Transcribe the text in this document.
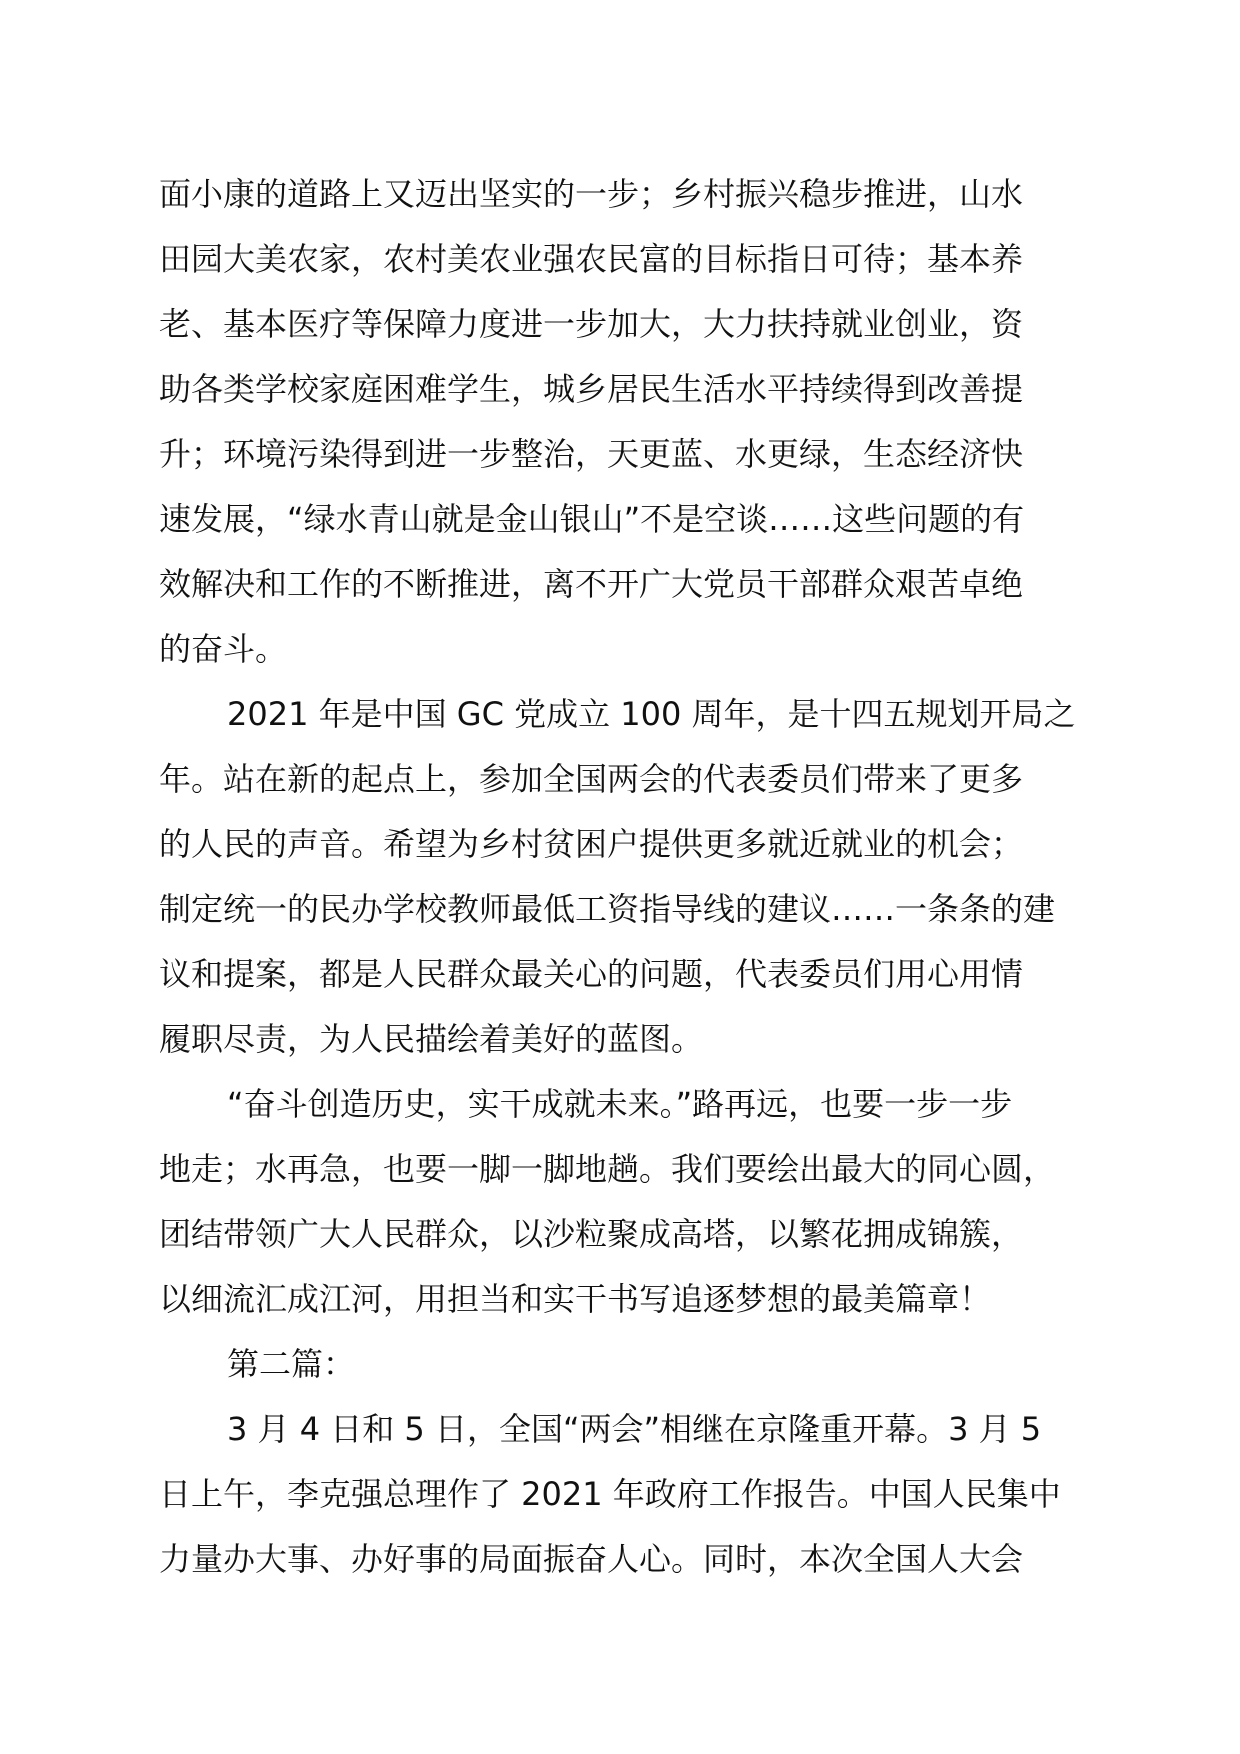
面小康的道路上又迈出坚实的一步；乡村振兴稳步推进，山水
田园大美农家，农村美农业强农民富的目标指日可待；基本养
老、基本医疗等保障力度进一步加大，大力扶持就业创业，资
助各类学校家庭困难学生，城乡居民生活水平持续得到改善提
升；环境污染得到进一步整治，天更蓝、水更绿，生态经济快
速发展，“绿水青山就是金山银山”不是空谈……这些问题的有
效解决和工作的不断推进，离不开广大党员干部群众艰苦卓绝
的奋斗。
2021 年是中国 GC 党成立 100 周年，是十四五规划开局之
年。站在新的起点上，参加全国两会的代表委员们带来了更多
的人民的声音。希望为乡村贫困户提供更多就近就业的机会；
制定统一的民办学校教师最低工资指导线的建议……一条条的建
议和提案，都是人民群众最关心的问题，代表委员们用心用情
履职尽责，为人民描绘着美好的蓝图。
“奋斗创造历史，实干成就未来。”路再远，也要一步一步
地走；水再急，也要一脚一脚地趟。我们要绘出最大的同心圆，
团结带领广大人民群众，以沙粒聚成高塔，以繁花拥成锦簇，
以细流汇成江河，用担当和实干书写追逐梦想的最美篇章！
第二篇：
3 月 4 日和 5 日，全国“两会”相继在京隆重开幕。3 月 5
日上午，李克强总理作了 2021 年政府工作报告。中国人民集中
力量办大事、办好事的局面振奋人心。同时，本次全国人大会
